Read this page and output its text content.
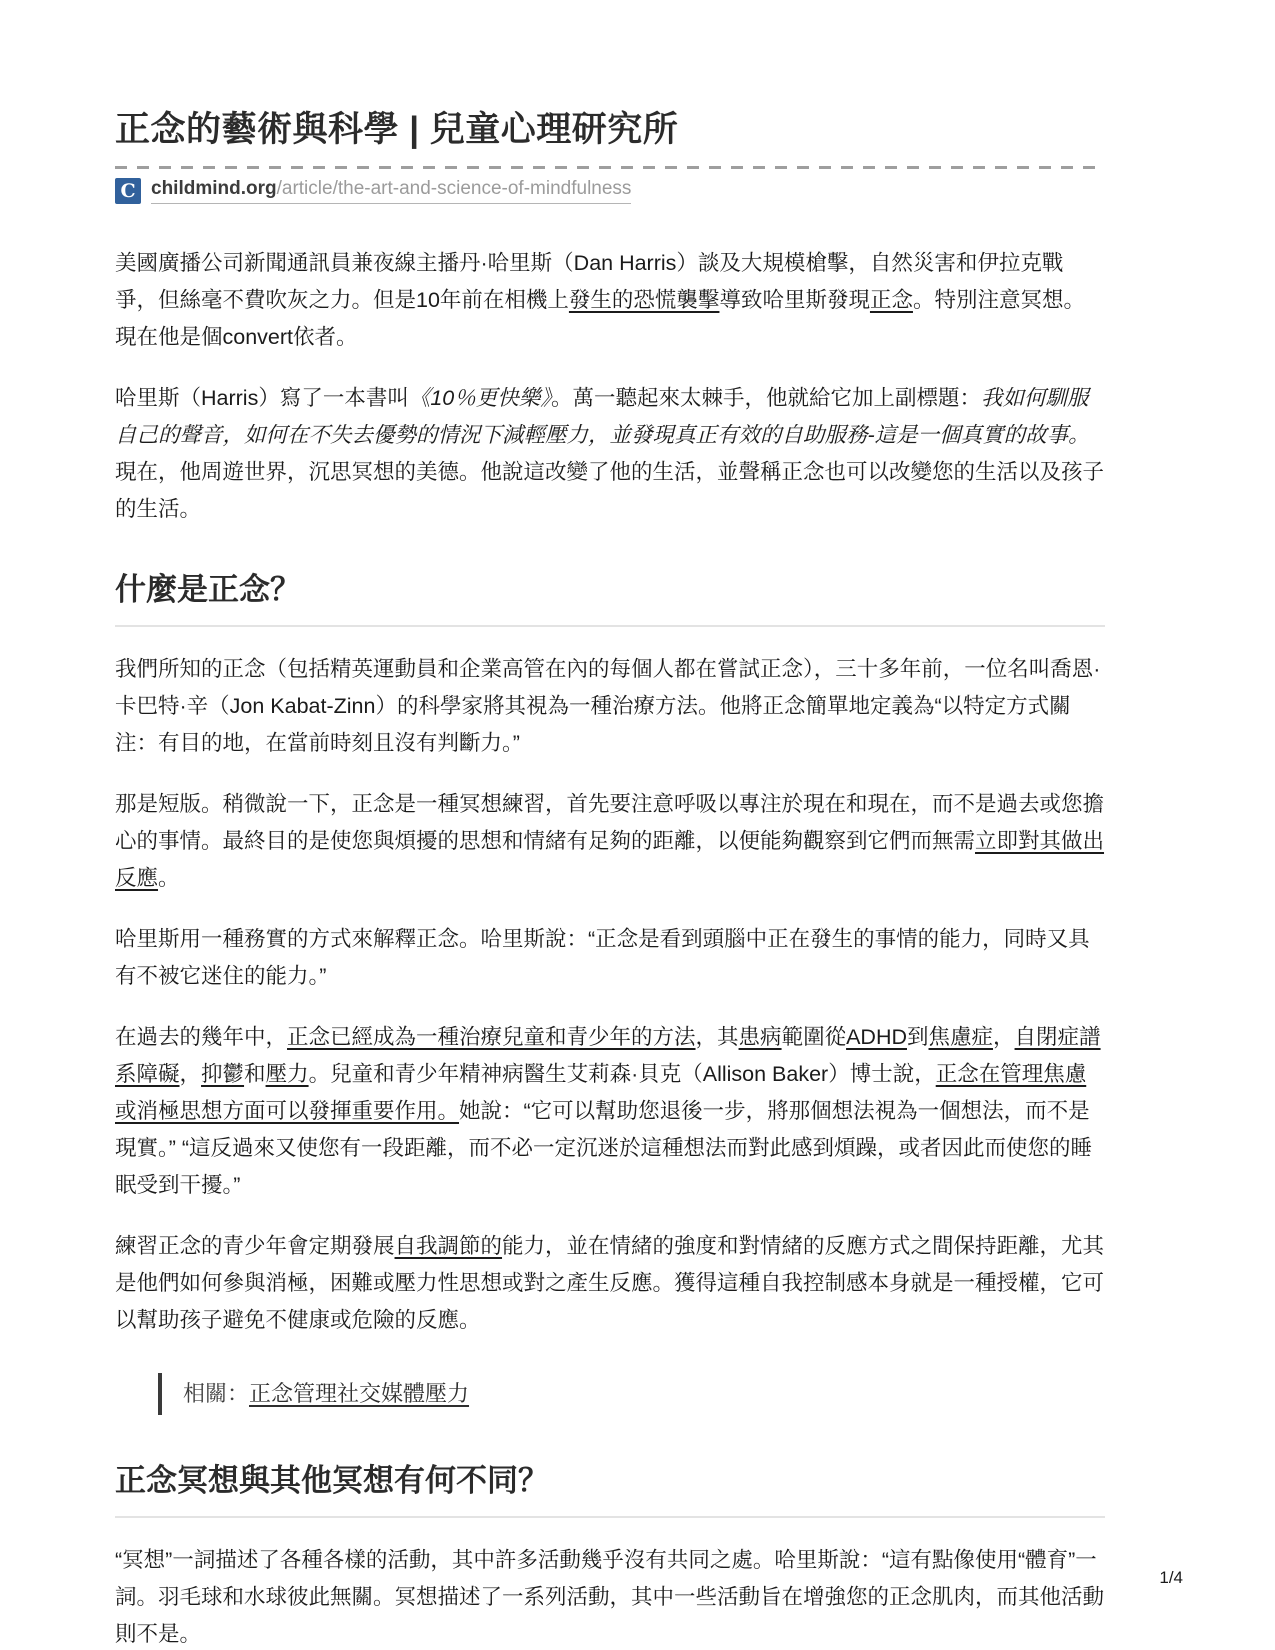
正念的藝術與科學 | 兒童心理研究所
C childmind.org/article/the-art-and-science-of-mindfulness

美國廣播公司新聞通訊員兼夜線主播丹·哈里斯（Dan Harris）談及大規模槍擊，自然災害和伊拉克戰爭，但絲毫不費吹灰之力。但是10年前在相機上發生的恐慌襲擊導致哈里斯發現正念。特別注意冥想。現在他是個convert依者。

哈里斯（Harris）寫了一本書叫《10％更快樂》。萬一聽起來太棘手，他就給它加上副標題：我如何馴服自己的聲音，如何在不失去優勢的情況下減輕壓力，並發現真正有效的自助服務-這是一個真實的故事。現在，他周遊世界，沉思冥想的美德。他說這改變了他的生活，並聲稱正念也可以改變您的生活以及孩子的生活。

什麼是正念？

我們所知的正念（包括精英運動員和企業高管在內的每個人都在嘗試正念），三十多年前，一位名叫喬恩·卡巴特·辛（Jon Kabat-Zinn）的科學家將其視為一種治療方法。他將正念簡單地定義為“以特定方式關注：有目的地，在當前時刻且沒有判斷力。”

那是短版。稍微說一下，正念是一種冥想練習，首先要注意呼吸以專注於現在和現在，而不是過去或您擔心的事情。最終目的是使您與煩擾的思想和情緒有足夠的距離，以便能夠觀察到它們而無需立即對其做出反應。

哈里斯用一種務實的方式來解釋正念。哈里斯說：“正念是看到頭腦中正在發生的事情的能力，同時又具有不被它迷住的能力。”

在過去的幾年中，正念已經成為一種治療兒童和青少年的方法，其患病範圍從ADHD到焦慮症，自閉症譜系障礙，抑鬱和壓力。兒童和青少年精神病醫生艾莉森·貝克（Allison Baker）博士說，正念在管理焦慮或消極思想方面可以發揮重要作用。她說：“它可以幫助您退後一步，將那個想法視為一個想法，而不是現實。” “這反過來又使您有一段距離，而不必一定沉迷於這種想法而對此感到煩躁，或者因此而使您的睡眠受到干擾。”

練習正念的青少年會定期發展自我調節的能力，並在情緒的強度和對情緒的反應方式之間保持距離，尤其是他們如何參與消極，困難或壓力性思想或對之產生反應。獲得這種自我控制感本身就是一種授權，它可以幫助孩子避免不健康或危險的反應。

相關：正念管理社交媒體壓力
正念冥想與其他冥想有何不同？

“冥想”一詞描述了各種各樣的活動，其中許多活動幾乎沒有共同之處。哈里斯說：“這有點像使用“體育”一詞。羽毛球和水球彼此無關。冥想描述了一系列活動，其中一些活動旨在增強您的正念肌肉，而其他活動則不是。

1/4
